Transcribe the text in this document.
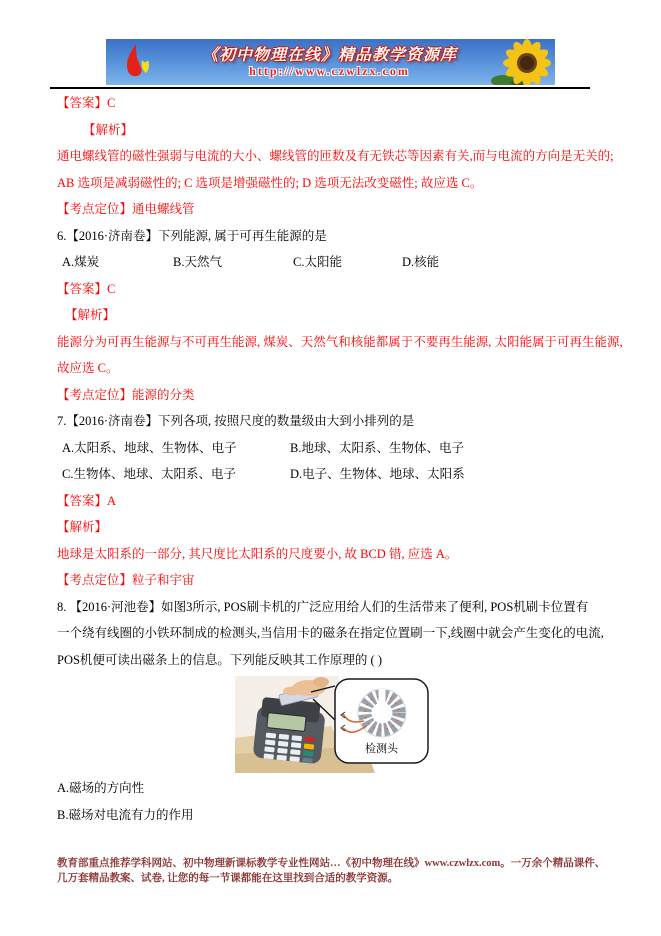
《初中物理在线》精品教学资源库
http://www.czwlzx.com

【答案】C

【解析】

通电螺线管的磁性强弱与电流的大小、螺线管的匝数及有无铁芯等因素有关,而与电流的方向是无关的;

AB 选项是减弱磁性的; C 选项是增强磁性的; D 选项无法改变磁性; 故应选 C。

【考点定位】通电螺线管

6.【2016·济南卷】下列能源, 属于可再生能源的是

A.煤炭	B.天然气	C.太阳能	D.核能

【答案】C

【解析】

能源分为可再生能源与不可再生能源, 煤炭、天然气和核能都属于不要再生能源, 太阳能属于可再生能源,

故应选 C。

【考点定位】能源的分类

7.【2016·济南卷】下列各项, 按照尺度的数量级由大到小排列的是

A.太阳系、地球、生物体、电子	B.地球、太阳系、生物体、电子

C.生物体、地球、太阳系、电子	D.电子、生物体、地球、太阳系

【答案】A

【解析】

地球是太阳系的一部分, 其尺度比太阳系的尺度要小, 故 BCD 错, 应选 A。

【考点定位】粒子和宇宙

8. 【2016·河池卷】如图3所示, POS刷卡机的广泛应用给人们的生活带来了便利, POS机刷卡位置有

一个绕有线圈的小铁环制成的检测头,当信用卡的磁条在指定位置刷一下,线圈中就会产生变化的电流,

POS机便可读出磁条上的信息。下列能反映其工作原理的 ( )

检测头

A.磁场的方向性

B.磁场对电流有力的作用

教育部重点推荐学科网站、初中物理新课标教学专业性网站…《初中物理在线》www.czwlzx.com。一万余个精品课件、
几万套精品教案、试卷, 让您的每一节课都能在这里找到合适的教学资源。
